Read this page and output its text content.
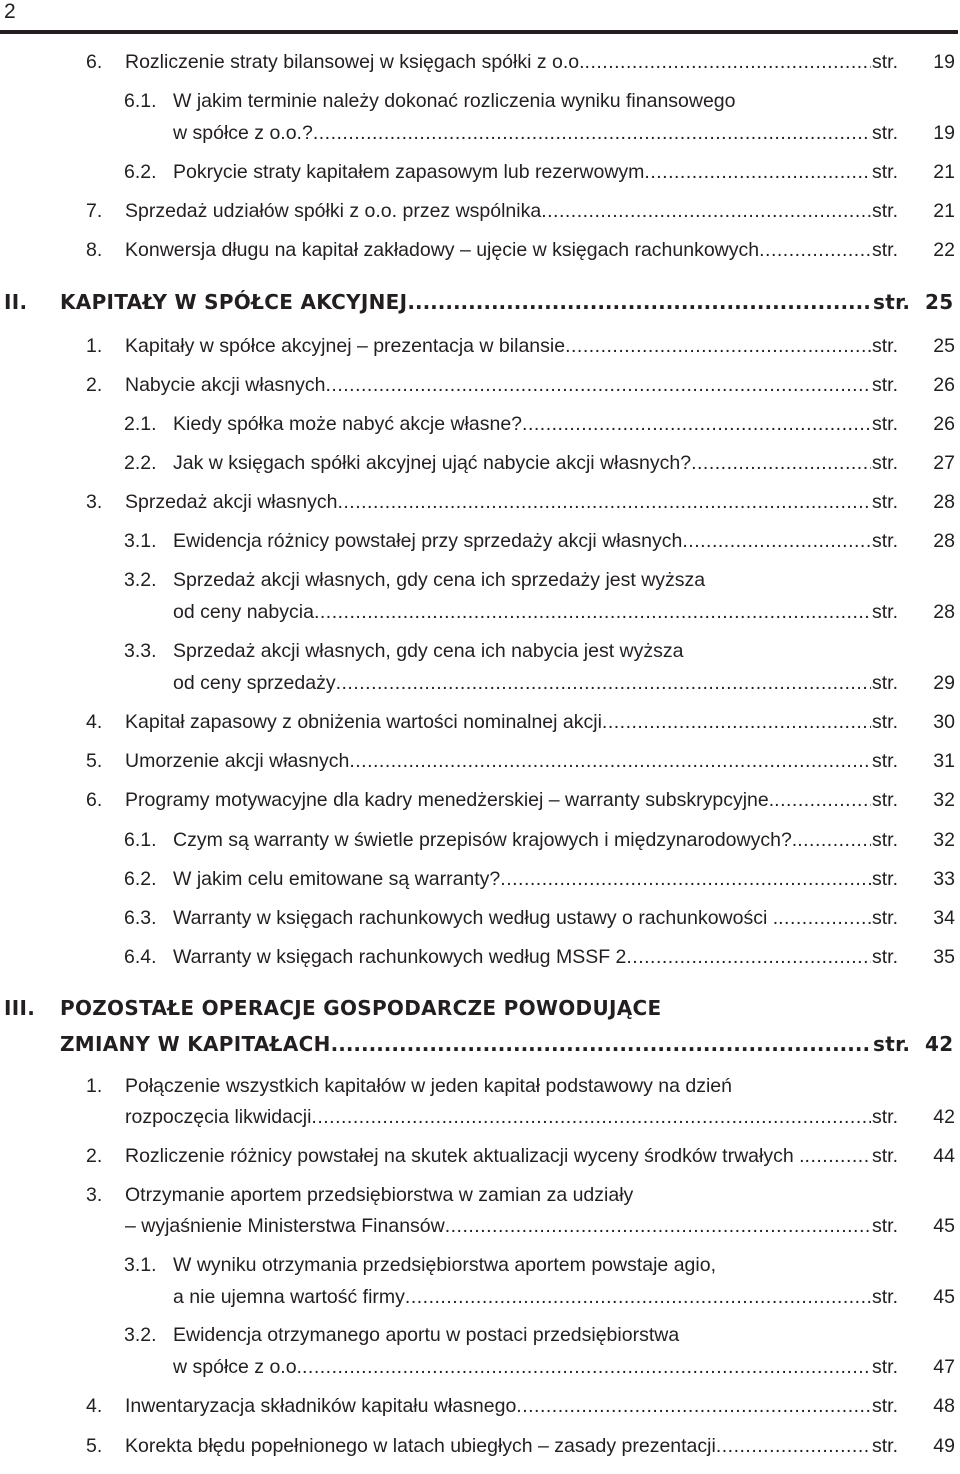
2
6. Rozliczenie straty bilansowej w księgach spółki z o.o. .....	str.	19
6.1. W jakim terminie należy dokonać rozliczenia wyniku finansowego
w spółce z o.o.? .....	str.	19
6.2. Pokrycie straty kapitałem zapasowym lub rezerwowym .....	str.	21
7. Sprzedaż udziałów spółki z o.o. przez wspólnika .....	str.	21
8. Konwersja długu na kapitał zakładowy – ujęcie w księgach rachunkowych .....	str.	22
II. KAPITAŁY W SPÓŁCE AKCYJNEJ .....	str. 25
1. Kapitały w spółce akcyjnej – prezentacja w bilansie .....	str.	25
2. Nabycie akcji własnych .....	str.	26
2.1. Kiedy spółka może nabyć akcje własne? .....	str.	26
2.2. Jak w księgach spółki akcyjnej ująć nabycie akcji własnych? .....	str.	27
3. Sprzedaż akcji własnych .....	str.	28
3.1. Ewidencja różnicy powstałej przy sprzedaży akcji własnych .....	str.	28
3.2. Sprzedaż akcji własnych, gdy cena ich sprzedaży jest wyższa
od ceny nabycia .....	str.	28
3.3. Sprzedaż akcji własnych, gdy cena ich nabycia jest wyższa
od ceny sprzedaży .....	str.	29
4. Kapitał zapasowy z obniżenia wartości nominalnej akcji .....	str.	30
5. Umorzenie akcji własnych .....	str.	31
6. Programy motywacyjne dla kadry menedżerskiej – warranty subskrypcyjne. .....	str.	32
6.1. Czym są warranty w świetle przepisów krajowych i międzynarodowych?. .....	str.	32
6.2. W jakim celu emitowane są warranty? .....	str.	33
6.3. Warranty w księgach rachunkowych według ustawy o rachunkowości . .....	str.	34
6.4. Warranty w księgach rachunkowych według MSSF 2 .....	str.	35
III. POZOSTAŁE OPERACJE GOSPODARCZE POWODUJĄCE
ZMIANY W KAPITAŁACH .....	str. 42
1. Połączenie wszystkich kapitałów w jeden kapitał podstawowy na dzień
rozpoczęcia likwidacji .....	str.	42
2. Rozliczenie różnicy powstałej na skutek aktualizacji wyceny środków trwałych . .....	str.	44
3. Otrzymanie aportem przedsiębiorstwa w zamian za udziały
– wyjaśnienie Ministerstwa Finansów .....	str.	45
3.1. W wyniku otrzymania przedsiębiorstwa aportem powstaje agio,
a nie ujemna wartość firmy .....	str.	45
3.2. Ewidencja otrzymanego aportu w postaci przedsiębiorstwa
w spółce z o.o. .....	str.	47
4. Inwentaryzacja składników kapitału własnego .....	str.	48
5. Korekta błędu popełnionego w latach ubiegłych – zasady prezentacji .....	str.	49
